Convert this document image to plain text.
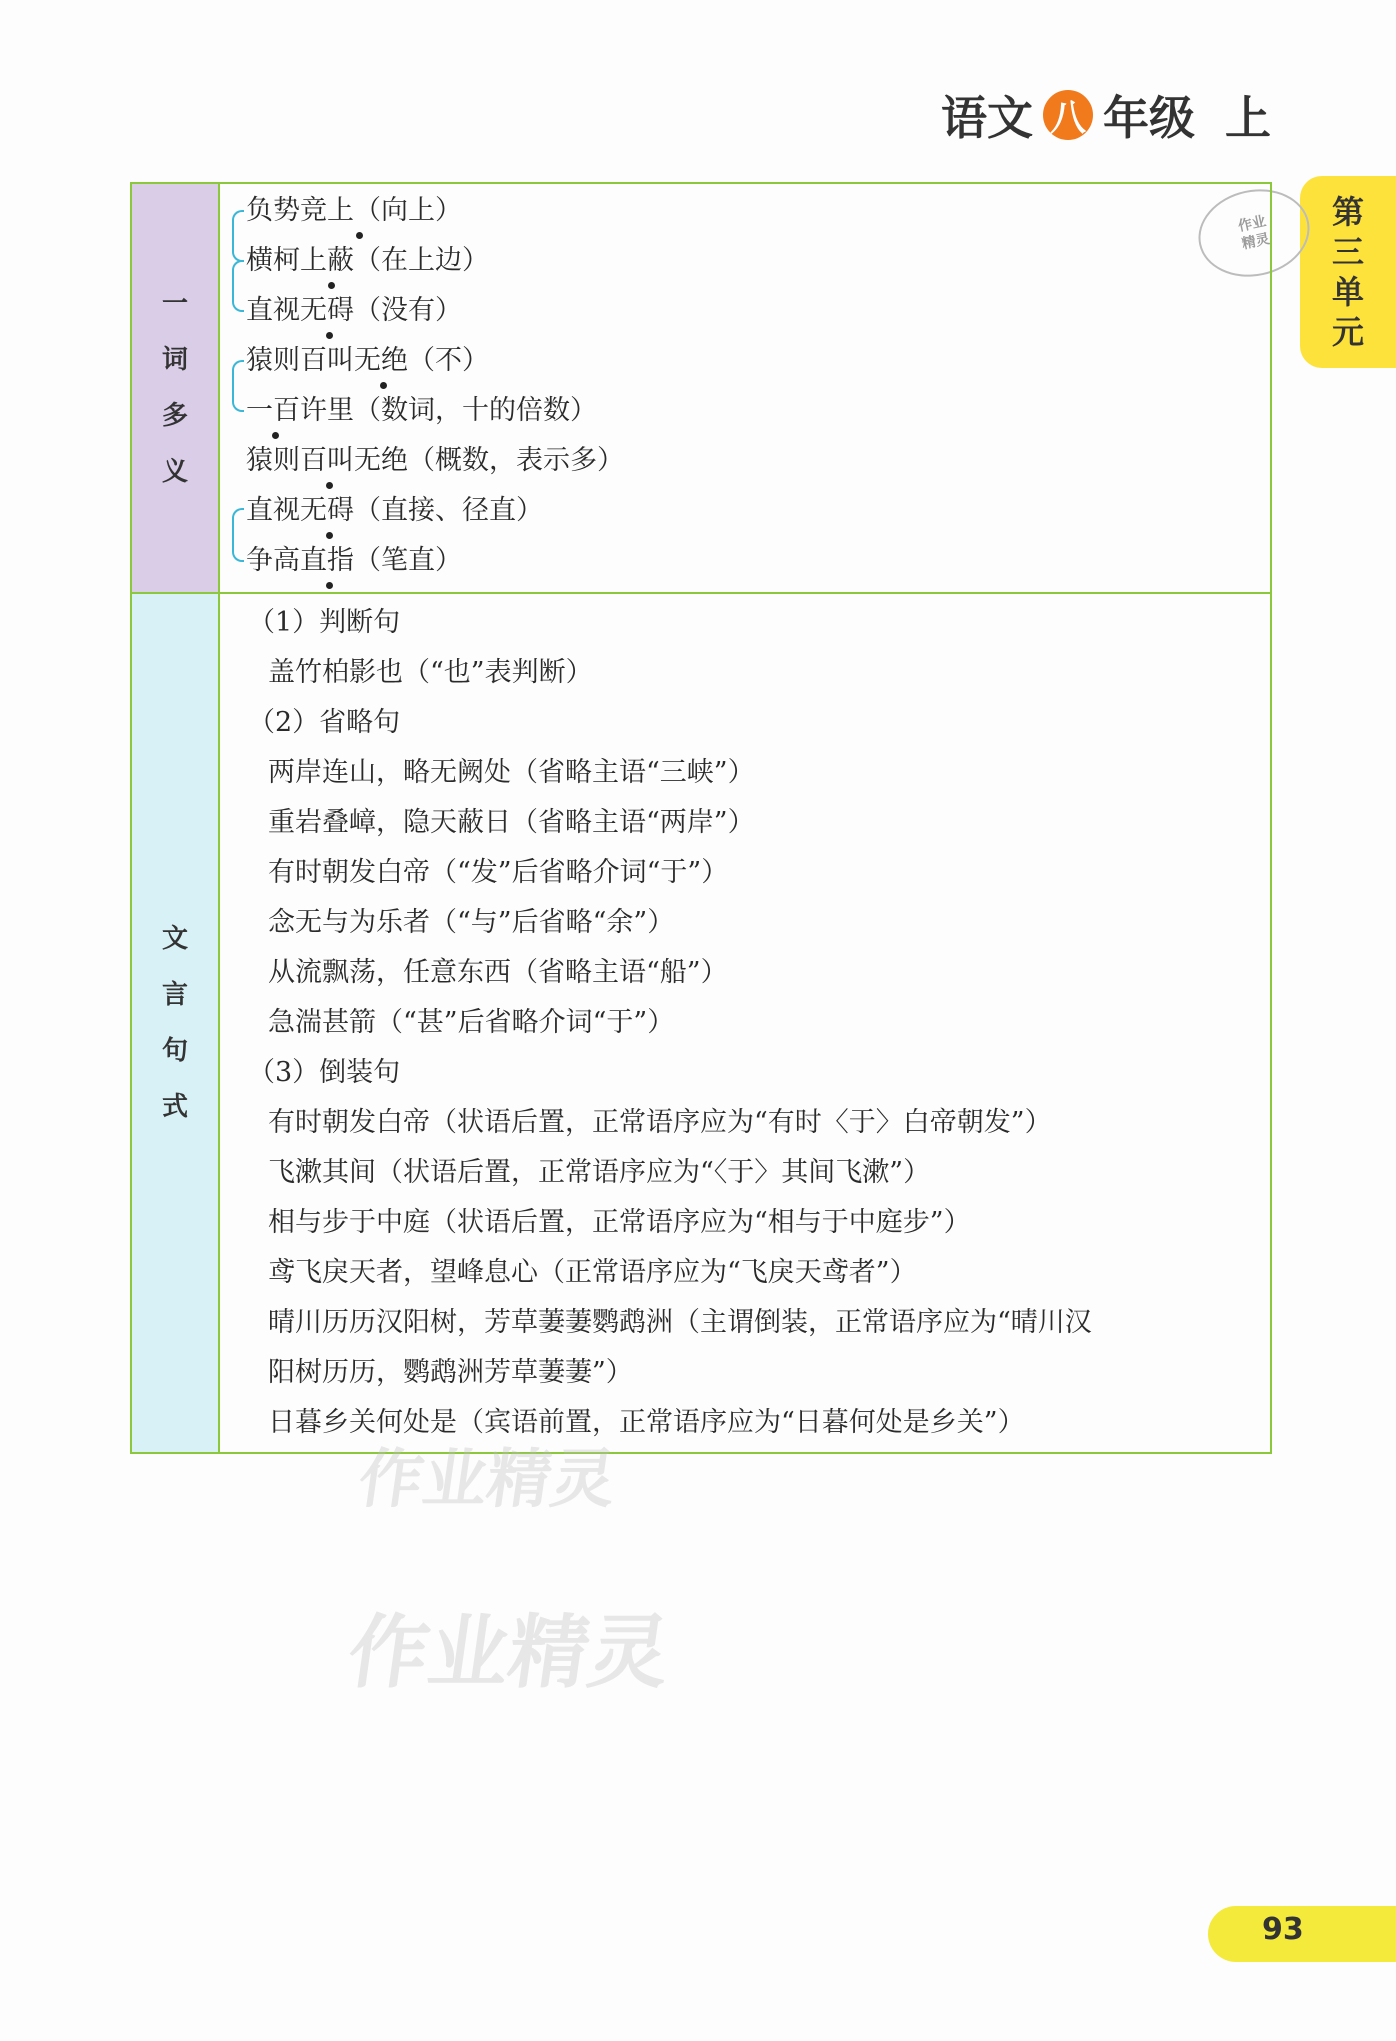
语文 八 年级 上
第
三
单
元
作业
精灵
一
词
多
义
负势竞上（向上）
横柯上蔽（在上边）
直视无碍（没有）
猿则百叫无绝（不）
一百许里（数词，十的倍数）
猿则百叫无绝（概数，表示多）
直视无碍（直接、径直）
争高直指（笔直）
文
言
句
式
（1）判断句
盖竹柏影也（“也”表判断）
（2）省略句
两岸连山，略无阙处（省略主语“三峡”）
重岩叠嶂，隐天蔽日（省略主语“两岸”）
有时朝发白帝（“发”后省略介词“于”）
念无与为乐者（“与”后省略“余”）
从流飘荡，任意东西（省略主语“船”）
急湍甚箭（“甚”后省略介词“于”）
（3）倒装句
有时朝发白帝（状语后置，正常语序应为“有时〈于〉白帝朝发”）
飞漱其间（状语后置，正常语序应为“〈于〉其间飞漱”）
相与步于中庭（状语后置，正常语序应为“相与于中庭步”）
鸢飞戾天者，望峰息心（正常语序应为“飞戾天鸢者”）
晴川历历汉阳树，芳草萋萋鹦鹉洲（主谓倒装，正常语序应为“晴川汉
阳树历历，鹦鹉洲芳草萋萋”）
日暮乡关何处是（宾语前置，正常语序应为“日暮何处是乡关”）
作业精灵
作业精灵
93
